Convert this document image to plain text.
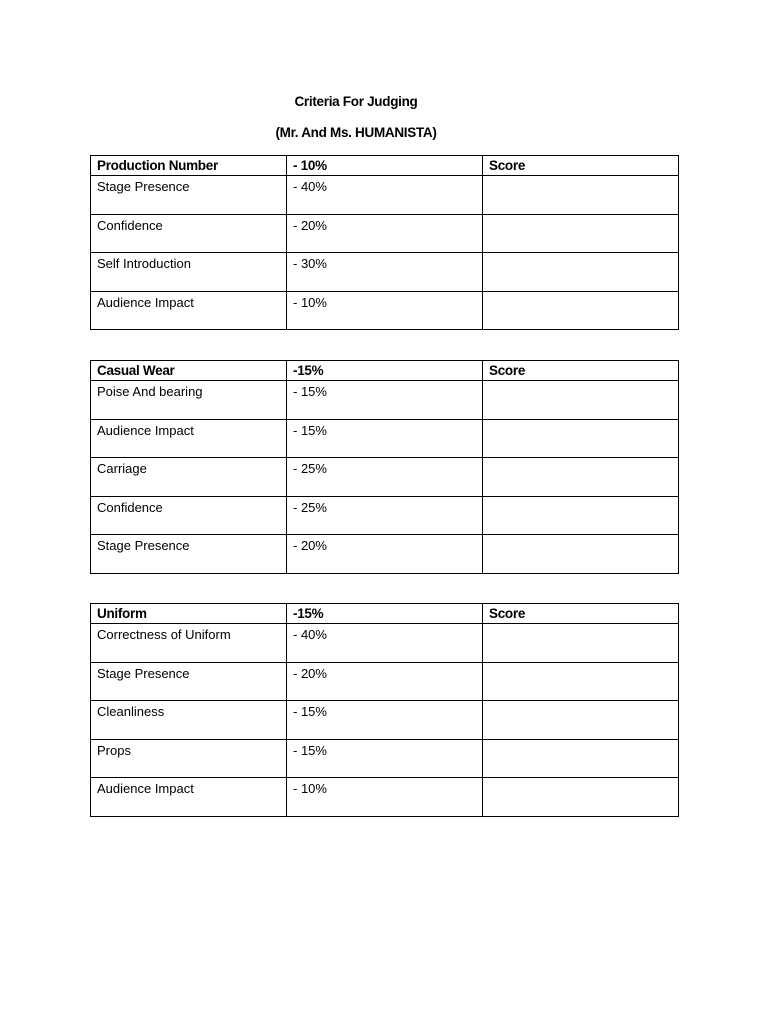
Criteria For Judging

(Mr. And Ms. HUMANISTA)

Production Number	- 10%	Score
Stage Presence	- 40%	
Confidence	- 20%	
Self Introduction	- 30%	
Audience Impact	- 10%	
Casual Wear	-15%	Score
Poise And bearing	- 15%	
Audience Impact	- 15%	
Carriage	- 25%	
Confidence	- 25%	
Stage Presence	- 20%	
Uniform	-15%	Score
Correctness of Uniform	- 40%	
Stage Presence	- 20%	
Cleanliness	- 15%	
Props	- 15%	
Audience Impact	- 10%	
